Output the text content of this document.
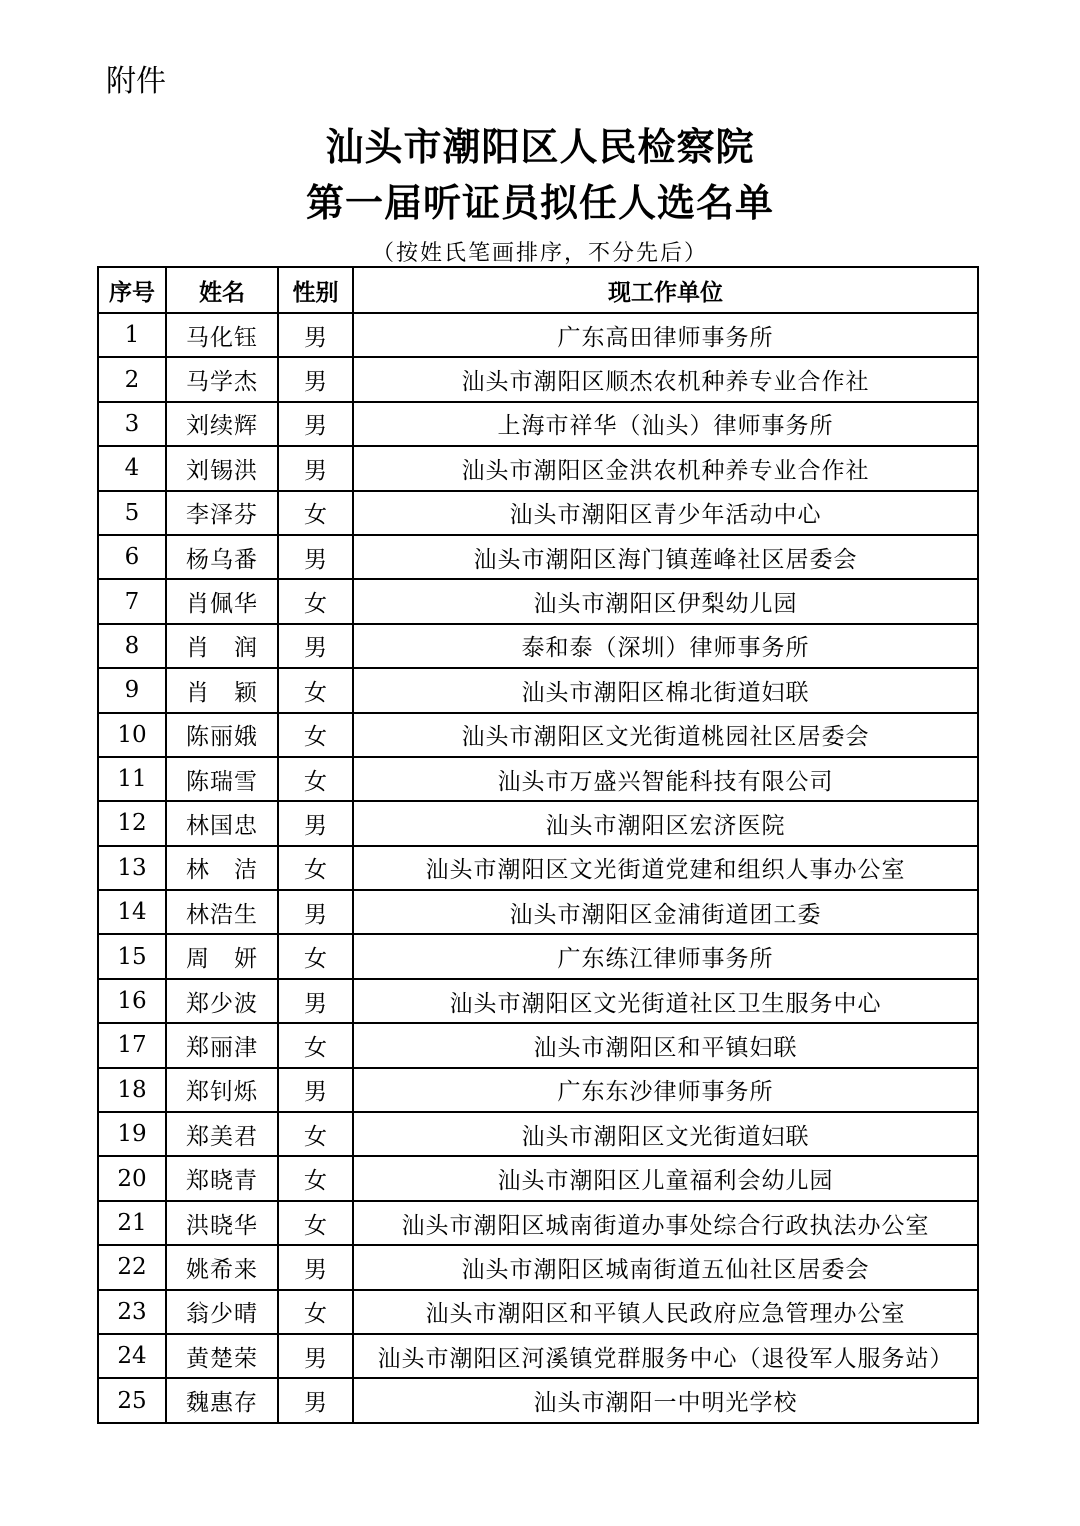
附件
汕头市潮阳区人民检察院
第一届听证员拟任人选名单
（按姓氏笔画排序，不分先后）
序号	姓名	性别	现工作单位
1	马化钰	男	广东高田律师事务所
2	马学杰	男	汕头市潮阳区顺杰农机种养专业合作社
3	刘续辉	男	上海市祥华（汕头）律师事务所
4	刘锡洪	男	汕头市潮阳区金洪农机种养专业合作社
5	李泽芬	女	汕头市潮阳区青少年活动中心
6	杨乌番	男	汕头市潮阳区海门镇莲峰社区居委会
7	肖佩华	女	汕头市潮阳区伊梨幼儿园
8	肖　润	男	泰和泰（深圳）律师事务所
9	肖　颖	女	汕头市潮阳区棉北街道妇联
10	陈丽娥	女	汕头市潮阳区文光街道桃园社区居委会
11	陈瑞雪	女	汕头市万盛兴智能科技有限公司
12	林国忠	男	汕头市潮阳区宏济医院
13	林　洁	女	汕头市潮阳区文光街道党建和组织人事办公室
14	林浩生	男	汕头市潮阳区金浦街道团工委
15	周　妍	女	广东练江律师事务所
16	郑少波	男	汕头市潮阳区文光街道社区卫生服务中心
17	郑丽津	女	汕头市潮阳区和平镇妇联
18	郑钊烁	男	广东东沙律师事务所
19	郑美君	女	汕头市潮阳区文光街道妇联
20	郑晓青	女	汕头市潮阳区儿童福利会幼儿园
21	洪晓华	女	汕头市潮阳区城南街道办事处综合行政执法办公室
22	姚希来	男	汕头市潮阳区城南街道五仙社区居委会
23	翁少晴	女	汕头市潮阳区和平镇人民政府应急管理办公室
24	黄楚荣	男	汕头市潮阳区河溪镇党群服务中心（退役军人服务站）
25	魏惠存	男	汕头市潮阳一中明光学校
